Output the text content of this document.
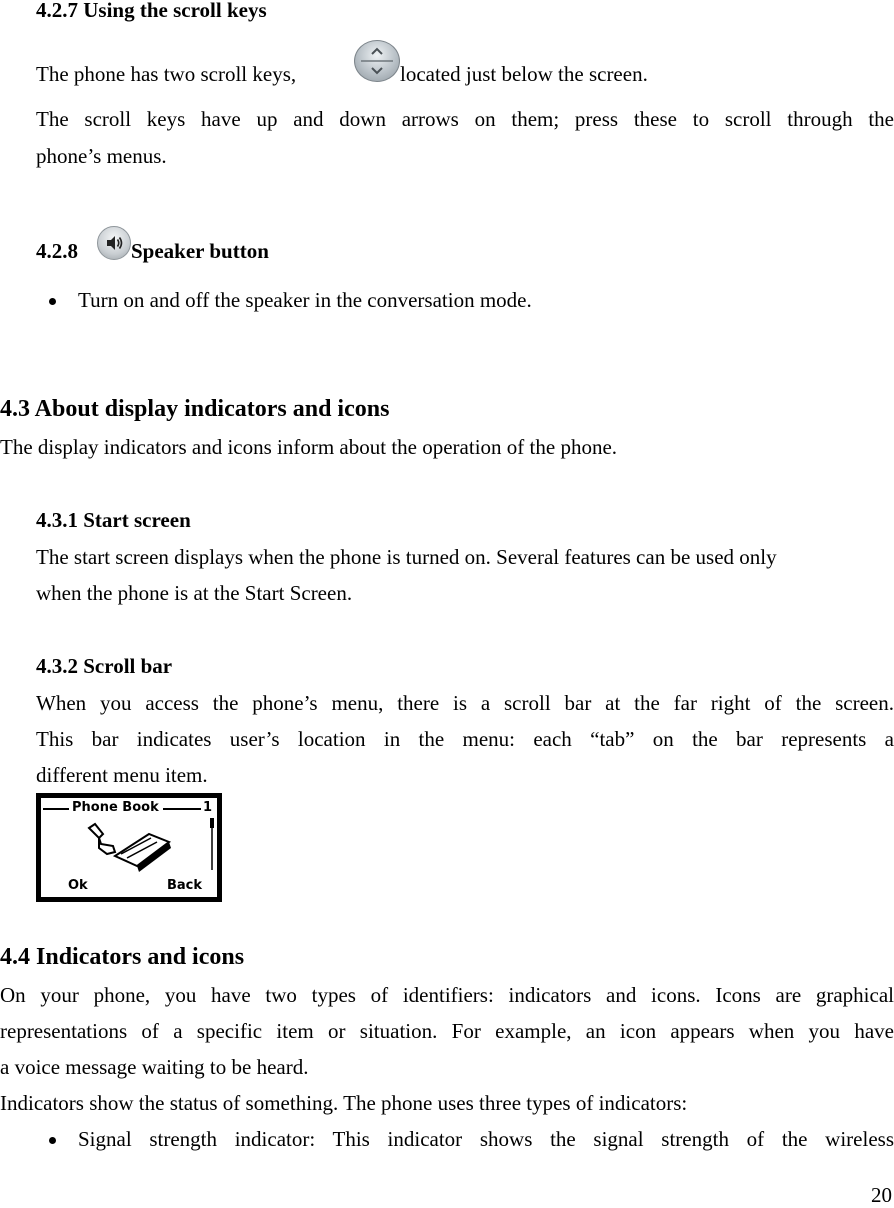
4.2.7 Using the scroll keys
The phone has two scroll keys,	located just below the screen.
The scroll keys have up and down arrows on them; press these to scroll through the
phone’s menus.
4.2.8	Speaker button
Turn on and off the speaker in the conversation mode.
4.3 About display indicators and icons
The display indicators and icons inform about the operation of the phone.
4.3.1 Start screen
The start screen displays when the phone is turned on. Several features can be used only
when the phone is at the Start Screen.
4.3.2 Scroll bar
When you access the phone’s menu, there is a scroll bar at the far right of the screen.
This bar indicates user’s location in the menu: each “tab” on the bar represents a
different menu item.
Phone Book	1
Ok	Back
4.4 Indicators and icons
On your phone, you have two types of identifiers: indicators and icons. Icons are graphical
representations of a specific item or situation. For example, an icon appears when you have
a voice message waiting to be heard.
Indicators show the status of something. The phone uses three types of indicators:
Signal strength indicator: This indicator shows the signal strength of the wireless
20
